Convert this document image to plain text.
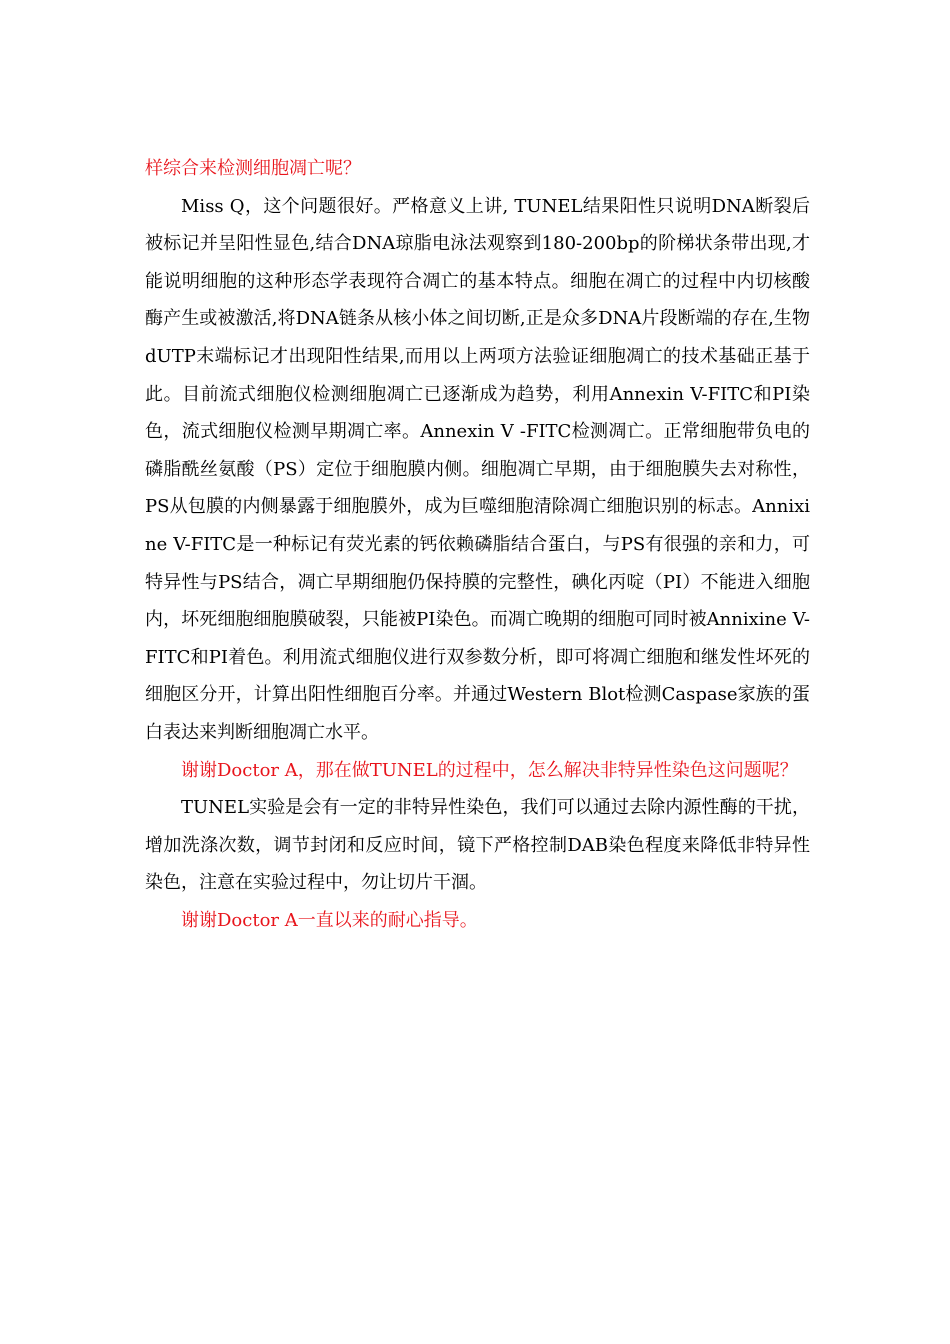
样综合来检测细胞凋亡呢？

Miss Q，这个问题很好。严格意义上讲, TUNEL结果阳性只说明DNA断裂后被标记并呈阳性显色,结合DNA琼脂电泳法观察到180-200bp的阶梯状条带出现,才能说明细胞的这种形态学表现符合凋亡的基本特点。细胞在凋亡的过程中内切核酸酶产生或被激活,将DNA链条从核小体之间切断,正是众多DNA片段断端的存在,生物dUTP末端标记才出现阳性结果,而用以上两项方法验证细胞凋亡的技术基础正基于此。目前流式细胞仪检测细胞凋亡已逐渐成为趋势，利用Annexin V-FITC和PI染色，流式细胞仪检测早期凋亡率。Annexin V -FITC检测凋亡。正常细胞带负电的磷脂酰丝氨酸（PS）定位于细胞膜内侧。细胞凋亡早期，由于细胞膜失去对称性，PS从包膜的内侧暴露于细胞膜外，成为巨噬细胞清除凋亡细胞识别的标志。Annixine V-FITC是一种标记有荧光素的钙依赖磷脂结合蛋白，与PS有很强的亲和力，可特异性与PS结合，凋亡早期细胞仍保持膜的完整性，碘化丙啶（PI）不能进入细胞内，坏死细胞细胞膜破裂，只能被PI染色。而凋亡晚期的细胞可同时被Annixine V-FITC和PI着色。利用流式细胞仪进行双参数分析，即可将凋亡细胞和继发性坏死的细胞区分开，计算出阳性细胞百分率。并通过Western Blot检测Caspase家族的蛋白表达来判断细胞凋亡水平。

谢谢Doctor A，那在做TUNEL的过程中，怎么解决非特异性染色这问题呢？

TUNEL实验是会有一定的非特异性染色，我们可以通过去除内源性酶的干扰，增加洗涤次数，调节封闭和反应时间，镜下严格控制DAB染色程度来降低非特异性染色，注意在实验过程中，勿让切片干涸。

谢谢Doctor A一直以来的耐心指导。
